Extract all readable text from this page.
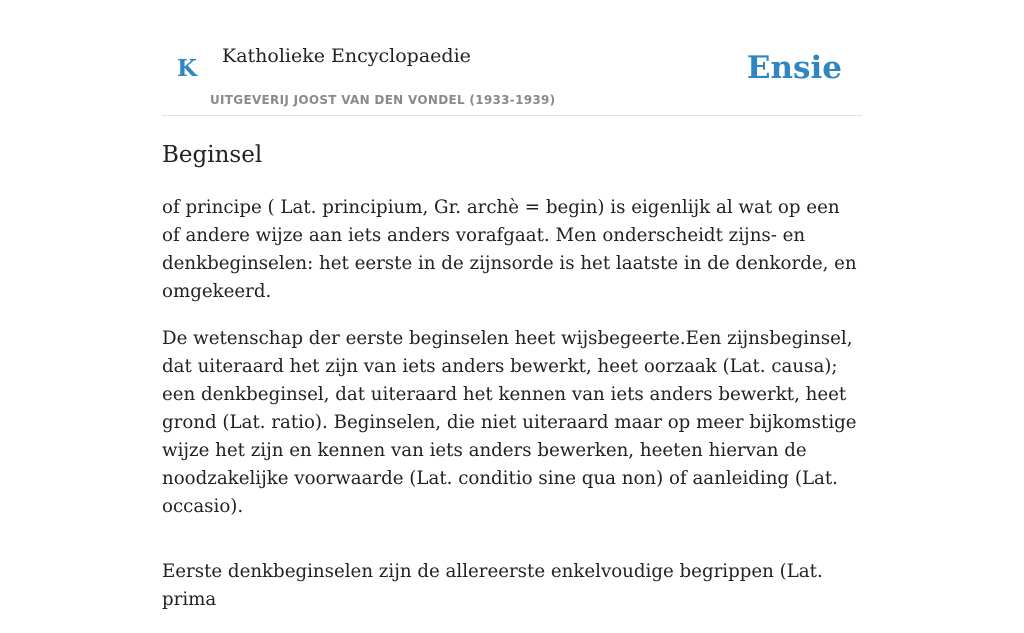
K Katholieke Encyclopaedie
UITGEVERIJ JOOST VAN DEN VONDEL (1933-1939)
Ensie
Beginsel

of principe ( Lat. principium, Gr. archè = begin) is eigenlijk al wat op een of andere wijze aan iets anders vorafgaat. Men onderscheidt zijns- en denkbeginselen: het eerste in de zijnsorde is het laatste in de denkorde, en omgekeerd.

De wetenschap der eerste beginselen heet wijsbegeerte.Een zijnsbeginsel, dat uiteraard het zijn van iets anders bewerkt, heet oorzaak (Lat. causa); een denkbeginsel, dat uiteraard het kennen van iets anders bewerkt, heet grond (Lat. ratio). Beginselen, die niet uiteraard maar op meer bijkomstige wijze het zijn en kennen van iets anders bewerken, heeten hiervan de noodzakelijke voorwaarde (Lat. conditio sine qua non) of aanleiding (Lat. occasio).

Eerste denkbeginselen zijn de allereerste enkelvoudige begrippen (Lat. prima
